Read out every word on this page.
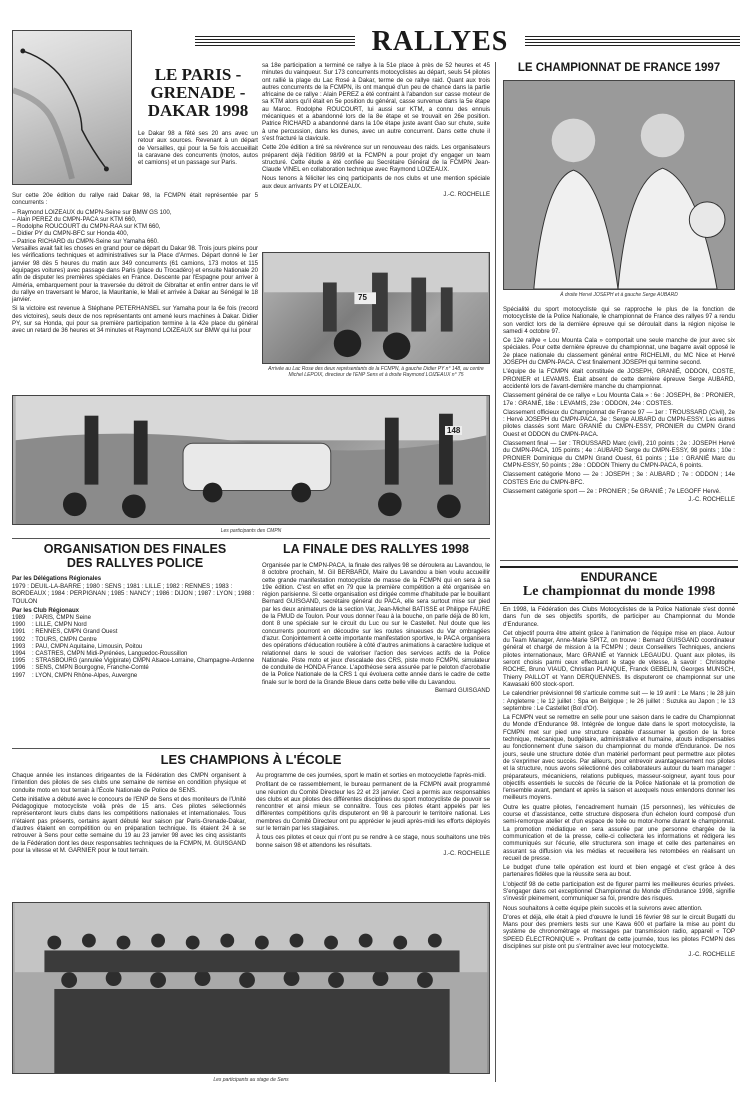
RALLYES
LE PARIS -
GRENADE -
DAKAR 1998

Le Dakar 98 a fêté ses 20 ans avec un retour aux sources. Revenant à un départ de Versailles, qui pour la 5e fois accueillait la caravane des concurrents (motos, autos et camions) et un passage sur Paris.

Sur cette 20e édition du rallye raid Dakar 98, la FCMPN était représentée par 5 concurrents :

– Raymond LOIZEAUX du CMPN-Seine sur BMW GS 100,
– Alain PEREZ du CMPN-PACA sur KTM 660,
– Rodolphe ROUCOURT du CMPN-RAA sur KTM 660,
– Didier PY du CMPN-BFC sur Honda 400,
– Patrice RICHARD du CMPN-Seine sur Yamaha 660.

Versailles avait fait les choses en grand pour ce départ du Dakar 98. Trois jours pleins pour les vérifications techniques et administratives sur la Place d'Armes. Départ donné le 1er janvier 98 dès 5 heures du matin aux 349 concurrents (61 camions, 173 motos et 115 équipages voitures) avec passage dans Paris (place du Trocadéro) et ensuite Nationale 20 afin de disputer les premières spéciales en France. Descente par l'Espagne pour arriver à Alméria, embarquement pour la traversée du détroit de Gibraltar et enfin entrer dans le vif du rallye en traversant le Maroc, la Mauritanie, le Mali et arrivée à Dakar au Sénégal le 18 janvier.

Si la victoire est revenue à Stéphane PETERHANSEL sur Yamaha pour la 6e fois (record des victoires), seuls deux de nos représentants ont amené leurs machines à Dakar. Didier PY, sur sa Honda, qui pour sa première participation termine à la 42e place du général avec un retard de 36 heures et 34 minutes et Raymond LOIZEAUX sur BMW qui lui pour

sa 18e participation a terminé ce rallye à la 51e place à près de 52 heures et 45 minutes du vainqueur. Sur 173 concurrents motocyclistes au départ, seuls 54 pilotes ont rallié la plage du Lac Rosé à Dakar, terme de ce rallye raid. Quant aux trois autres concurrents de la FCMPN, ils ont manqué d'un peu de chance dans la partie africaine de ce rallye : Alain PEREZ a été contraint à l'abandon sur casse moteur de sa KTM alors qu'il était en 5e position du général, casse survenue dans la 5e étape au Maroc. Rodolphe ROUCOURT, lui aussi sur KTM, a connu des ennuis mécaniques et a abandonné lors de la 8e étape et se trouvait en 26e position. Patrice RICHARD a abandonné dans la 10e étape juste avant Gao sur chute, suite à une percussion, dans les dunes, avec un autre concurrent. Dans cette chute il s'est fracturé la clavicule.

Cette 20e édition a tiré sa révérence sur un renouveau des raids. Les organisateurs préparent déjà l'édition 98/99 et la FCMPN a pour projet d'y engager un team structuré. Cette étude a été confiée au Secrétaire Général de la FCMPN Jean-Claude VINEL en collaboration technique avec Raymond LOIZEAUX.

Nous tenons à féliciter les cinq participants de nos clubs et une mention spéciale aux deux arrivants PY et LOIZEAUX.

J.-C. ROCHELLE
75
Arrivée au Lac Rose des deux représentants de la FCMPN, à gauche Didier PY n° 148, au centre Michel LEPOIX, directeur de l'ENP Sens et à droite Raymond LOIZEAUX n° 75
148
Les participants des CMPN
ORGANISATION DES FINALES
DES RALLYES POLICE
Par les Délégations Régionales
1979 : DEUIL-LA-BARRE ; 1980 : SENS ; 1981 : LILLE ; 1982 : RENNES ; 1983 : BORDEAUX ; 1984 : PERPIGNAN ; 1985 : NANCY ; 1986 : DIJON ; 1987 : LYON ; 1988 : TOULON
Par les Club Régionaux
1989	: PARIS, CMPN Seine
1990	: LILLE, CMPN Nord
1991	: RENNES, CMPN Grand Ouest
1992	: TOURS, CMPN Centre
1993	: PAU, CMPN Aquitaine, Limousin, Poitou
1994	: CASTRES, CMPN Midi-Pyrénées, Languedoc-Roussillon
1995	: STRASBOURG (annulée Vigipirate) CMPN Alsace-Lorraine, Champagne-Ardenne
1996	: SENS, CMPN Bourgogne, Franche-Comté
1997	: LYON, CMPN Rhône-Alpes, Auvergne
LA FINALE DES RALLYES 1998
Organisée par le CMPN-PACA, la finale des rallyes 98 se déroulera au Lavandou, le 8 octobre prochain, M. Gil BERBARDI, Maire du Lavandou a bien voulu accueillir cette grande manifestation motocycliste de masse de la FCMPN qui en sera à sa 19e édition. C'est en effet en 79 que la première compétition a été organisée en région parisienne. Si cette organisation est dirigée comme d'habitude par le bouillant Bernard GUISGAND, secrétaire général du PACA, elle sera surtout mise sur pied par les deux animateurs de la section Var, Jean-Michel BATISSE et Philippe FAURE de la FMUD de Toulon. Pour vous donner l'eau à la bouche, on parle déjà de 80 km, dont 8 une spéciale sur le circuit du Luc ou sur le Castellet. Nul doute que les concurrents pourront en découdre sur les routes sinueuses du Var ombragées d'azur. Conjointement à cette importante manifestation sportive, le PACA organisera des opérations d'éducation routière à côté d'autres animations à caractère ludique et relationnel dans le souci de valoriser l'action des services actifs de la Police Nationale. Piste moto et jeux d'escalade des CRS, piste moto FCMPN, simulateur de conduite de HONDA France. L'apothéose sera assurée par le peloton d'acrobatie de la Police Nationale de la CRS 1 qui évoluera cette année dans le cadre de cette finale sur le bord de la Grande Bleue dans cette belle ville du Lavandou.
Bernard GUISGAND
LES CHAMPIONS À L'ÉCOLE

Chaque année les instances dirigeantes de la Fédération des CMPN organisent à l'intention des pilotes de ses clubs une semaine de remise en condition physique et conduite moto en tout terrain à l'École Nationale de Police de SENS.

Cette initiative a débuté avec le concours de l'ENP de Sens et des moniteurs de l'Unité Pédagogique motocycliste voilà près de 15 ans. Ces pilotes sélectionnés représenteront leurs clubs dans les compétitions nationales et internationales. Tous n'étaient pas présents, certains ayant débuté leur saison par Paris-Grenade-Dakar, d'autres étaient en compétition ou en préparation technique. Ils étaient 24 à se retrouver à Sens pour cette semaine du 19 au 23 janvier 98 avec les cinq assistants de la Fédération dont les deux responsables techniques de la FCMPN, M. GUISGAND pour la vitesse et M. GARNIER pour le tout terrain.

Au programme de ces journées, sport le matin et sorties en motocyclette l'après-midi.

Profitant de ce rassemblement, le bureau permanent de la FCMPN avait programmé une réunion du Comité Directeur les 22 et 23 janvier. Ceci a permis aux responsables des clubs et aux pilotes des différentes disciplines du sport motocycliste de pouvoir se rencontrer et ainsi mieux se connaître. Tous ces pilotes étant appelés par les différentes compétitions qu'ils disputeront en 98 à parcourir le territoire national. Les membres du Comité Directeur ont pu apprécier le jeudi après-midi les efforts déployés sur le terrain par les stagiaires.

À tous ces pilotes et ceux qui n'ont pu se rendre à ce stage, nous souhaitons une très bonne saison 98 et attendons les résultats.

J.-C. ROCHELLE
Les participants au stage de Sens
LE CHAMPIONNAT DE FRANCE 1997
À droite Hervé JOSEPH et à gauche Serge AUBARD

Spécialité du sport motocycliste qui se rapproche le plus de la fonction de motocycliste de la Police Nationale, le championnat de France des rallyes 97 a rendu son verdict lors de la dernière épreuve qui se déroulait dans la région niçoise le samedi 4 octobre 97.

Ce 12e rallye « Lou Mounta Cala » comportait une seule manche de jour avec six spéciales. Pour cette dernière épreuve du championnat, une bagarre avait opposé le 2e place nationale du classement général entre RICHELMI, du MC Nice et Hervé JOSEPH du CMPN-PACA. C'est finalement JOSEPH qui termine second.

L'équipe de la FCMPN était constituée de JOSEPH, GRANIÉ, ODDON, COSTE, PRONIER et LEVAMIS. Était absent de cette dernière épreuve Serge AUBARD, accidenté lors de l'avant-dernière manche du championnat.

Classement général de ce rallye « Lou Mounta Cala » : 6e : JOSEPH, 8e : PRONIER, 17e : GRANIÉ, 18e : LEVAMIS, 23e : ODDON, 24e : COSTES.

Classement officieux du Championnat de France 97 — 1er : TROUSSARD (Civil), 2e : Hervé JOSEPH du CMPN-PACA, 3e : Serge AUBARD du CMPN-ESSY. Les autres pilotes classés sont Marc GRANIÉ du CMPN-ESSY, PRONIER du CMPN Grand Ouest et ODDON du CMPN-PACA.

Classement final — 1er : TROUSSARD Marc (civil), 210 points ; 2e : JOSEPH Hervé du CMPN-PACA, 105 points ; 4e : AUBARD Serge du CMPN-ESSY, 98 points ; 10e : PRONIER Dominique du CMPN Grand Ouest, 61 points ; 11e : GRANIÉ Marc du CMPN-ESSY, 50 points ; 28e : ODDON Thierry du CMPN-PACA, 6 points.

Classement catégorie Mono — 2e : JOSEPH ; 3e : AUBARD ; 7e : ODDON ; 14e COSTES Eric du CMPN-BFC.

Classement catégorie sport — 2e : PRONIER ; 5e GRANIÉ ; 7e LEGOFF Hervé.

J.-C. ROCHELLE
ENDURANCE
Le championnat du monde 1998

En 1998, la Fédération des Clubs Motocyclistes de la Police Nationale s'est donné dans l'un de ses objectifs sportifs, de participer au Championnat du Monde d'Endurance.

Cet objectif pourra être atteint grâce à l'animation de l'équipe mise en place. Autour du Team Manager, Anne-Marie SPITZ, on trouve : Bernard GUISGAND coordinateur général et chargé de mission à la FCMPN ; deux Conseillers Techniques, anciens pilotes internationaux, Marc GRANIÉ et Yannick LEGAUDU. Quant aux pilotes, ils seront choisis parmi ceux effectuant le stage de vitesse, à savoir : Christophe ROCHE, Bruno VIAUD, Christian PLANQUE, Franck GEBELIN, Georges MUNSCH, Thierry PAILLOT et Yann DERQUENNES. Ils disputeront ce championnat sur une Kawasaki 600 stock-sport.

Le calendrier prévisionnel 98 s'articule comme suit — le 19 avril : Le Mans ; le 28 juin : Angleterre ; le 12 juillet : Spa en Belgique ; le 26 juillet : Suzuka au Japon ; le 13 septembre : Le Castellet (Bol d'Or).

La FCMPN veut se remettre en selle pour une saison dans le cadre du Championnat du Monde d'Endurance 98. Intégrée de longue date dans le sport motocycliste, la FCMPN met sur pied une structure capable d'assumer la gestion de la force technique, mécanique, budgétaire, administrative et humaine, atouts indispensables au fonctionnement d'une saison du championnat du monde d'Endurance. De nos jours, seule une structure dotée d'un matériel performant peut permettre aux pilotes de s'exprimer avec succès. Par ailleurs, pour entrevoir avantageusement nos pilotes et la structure, nous avons sélectionné des collaborateurs autour du team manager : préparateurs, mécaniciens, relations publiques, masseur-soigneur, ayant tous pour objectifs essentiels le succès de l'écurie de la Police Nationale et la promotion de l'ensemble avant, pendant et après la saison et auxquels nous entendons donner les meilleurs moyens.

Outre les quatre pilotes, l'encadrement humain (15 personnes), les véhicules de course et d'assistance, cette structure disposera d'un échelon lourd composé d'un semi-remorque atelier et d'un espace de toile ou motor-home durant le championnat. La promotion médiatique en sera assurée par une personne chargée de la communication et de la presse, celle-ci collectera les informations et rédigera les communiqués sur l'écurie, elle structurera son image et celle des partenaires en assurant sa diffusion via les médias et recueillera les retombées en réalisant un recueil de presse.

Le budget d'une telle opération est lourd et bien engagé et c'est grâce à des partenaires fidèles que la réussite sera au bout.

L'objectif 98 de cette participation est de figurer parmi les meilleures écuries privées. S'engager dans cet exceptionnel Championnat du Monde d'Endurance 1998, signifie s'investir pleinement, communiquer sa foi, prendre des risques.

Nous souhaitons à cette équipe plein succès et la suivrons avec attention.

D'ores et déjà, elle était à pied d'œuvre le lundi 16 février 98 sur le circuit Bugatti du Mans pour des premiers tests sur une Kawa 600 et parfaire la mise au point du système de chronométrage et messages par transmission radio, appareil « TOP SPEED ÉLECTRONIQUE ». Profitant de cette journée, tous les pilotes FCMPN des disciplines sur piste ont pu s'entraîner avec leur motocyclette.

J.-C. ROCHELLE
